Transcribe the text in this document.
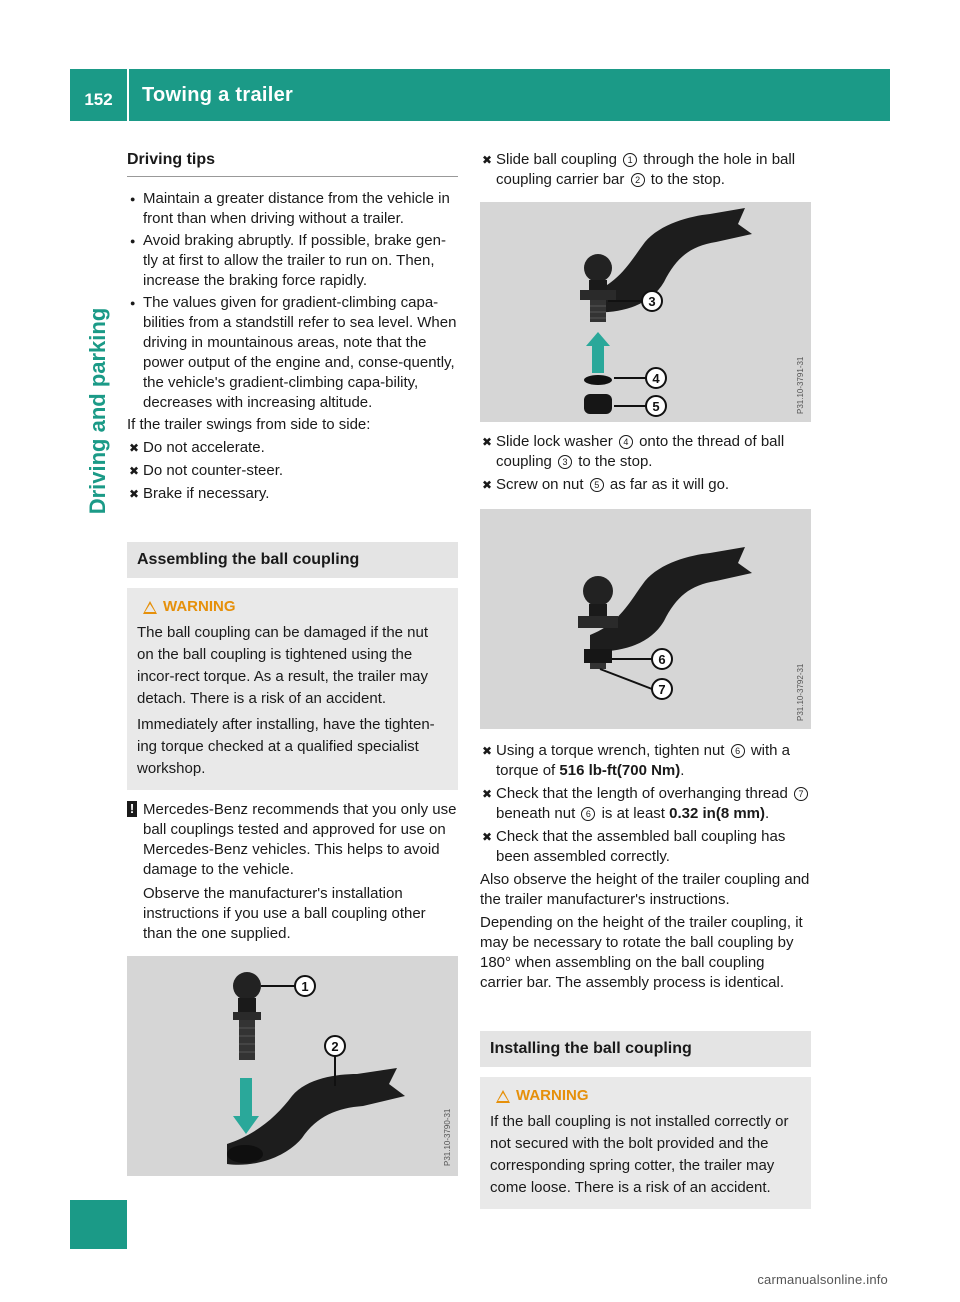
152	Towing a trailer
Driving and parking
Driving tips
● Maintain a greater distance from the vehicle in front than when driving without a trailer.
● Avoid braking abruptly. If possible, brake gen-tly at first to allow the trailer to run on. Then, increase the braking force rapidly.
● The values given for gradient-climbing capa-bilities from a standstill refer to sea level. When driving in mountainous areas, note that the power output of the engine and, conse-quently, the vehicle's gradient-climbing capa-bility, decreases with increasing altitude.
If the trailer swings from side to side:
✖ Do not accelerate.
✖ Do not counter-steer.
✖ Brake if necessary.
Assembling the ball coupling
WARNING
The ball coupling can be damaged if the nut on the ball coupling is tightened using the incor-rect torque. As a result, the trailer may detach. There is a risk of an accident.
Immediately after installing, have the tighten-ing torque checked at a qualified specialist workshop.
! Mercedes-Benz recommends that you only use ball couplings tested and approved for use on Mercedes-Benz vehicles. This helps to avoid damage to the vehicle.
Observe the manufacturer's installation instructions if you use a ball coupling other than the one supplied.
1
2
P31.10-3790-31
✖ Slide ball coupling 1 through the hole in ball coupling carrier bar 2 to the stop.
3
4
5	P31.10-3791-31
✖ Slide lock washer 4 onto the thread of ball coupling 3 to the stop.
✖ Screw on nut 5 as far as it will go.
6
7	P31.10-3792-31
✖ Using a torque wrench, tighten nut 6 with a torque of 516 lb-ft(700 Nm).
✖ Check that the length of overhanging thread 7 beneath nut 6 is at least 0.32 in(8 mm).
✖ Check that the assembled ball coupling has been assembled correctly.
Also observe the height of the trailer coupling and the trailer manufacturer's instructions.
Depending on the height of the trailer coupling, it may be necessary to rotate the ball coupling by 180° when assembling on the ball coupling carrier bar. The assembly process is identical.
Installing the ball coupling
WARNING
If the ball coupling is not installed correctly or not secured with the bolt provided and the corresponding spring cotter, the trailer may come loose. There is a risk of an accident.
carmanualsonline.info
